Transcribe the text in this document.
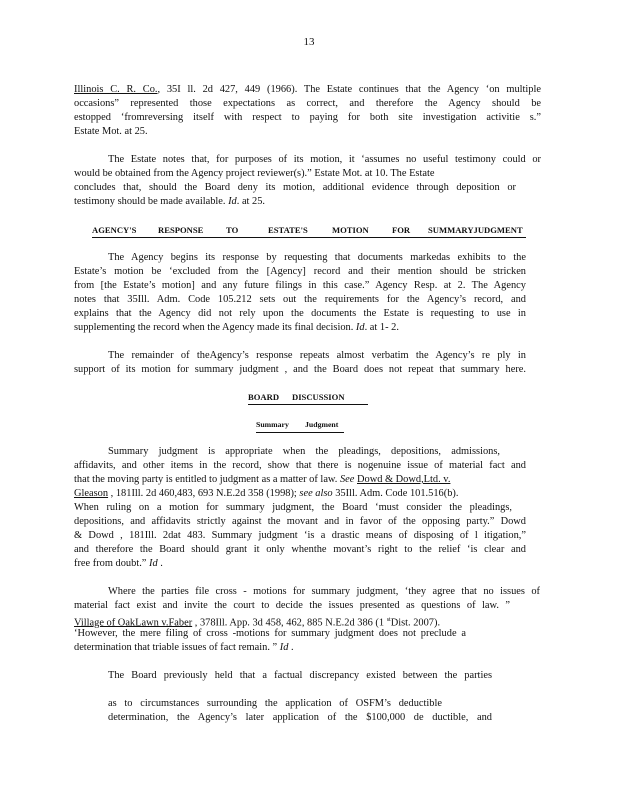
13
Illinois C. R. Co., 35I ll. 2d 427, 449 (1966). The Estate continues that the Agency ‘on multiple
occasions” represented those expectations as correct, and therefore the Agency should be
estopped ‘fromreversing itself with respect to paying for both site investigation activitie s.”
Estate Mot. at 25.
The Estate notes that, for purposes of its motion, it ‘assumes no useful testimony could or
would be obtained from the Agency project reviewer(s).” Estate Mot. at 10. The Estate
concludes that, should the Board deny its motion, additional evidence through deposition or
testimony should be made available. Id. at 25.
AGENCY'S	RESPONSE	TO	ESTATE'S	MOTION	FOR SUMMARYJUDGMENT
The Agency begins its response by requesting that documents markedas exhibits to the
Estate’s motion be ‘excluded from the [Agency] record and their mention should be stricken
from [the Estate’s motion] and any future filings in this case.” Agency Resp. at 2. The Agency
notes that 35Ill. Adm. Code 105.212 sets out the requirements for the Agency’s record, and
explains that the Agency did not rely upon the documents the Estate is requesting to use in
supplementing the record when the Agency made its final decision. Id. at 1- 2.
The remainder of theAgency’s response repeats almost verbatim the Agency’s re ply in
support of its motion for summary judgment , and the Board does not repeat that summary here.
BOARD DISCUSSION
Summary Judgment
Summary judgment is appropriate when the pleadings, depositions, admissions,
affidavits, and other items in the record, show that there is nogenuine issue of material fact and
that the moving party is entitled to judgment as a matter of law. See Dowd & Dowd,Ltd. v.
Gleason , 181Ill. 2d 460,483, 693 N.E.2d 358 (1998); see also 35Ill. Adm. Code 101.516(b).
When ruling on a motion for summary judgment, the Board ‘must consider the pleadings,
depositions, and affidavits strictly against the movant and in favor of the opposing party.” Dowd
& Dowd , 181Ill. 2dat 483. Summary judgment ‘is a drastic means of disposing of l itigation,”
and therefore the Board should grant it only whenthe movant’s right to the relief ‘is clear and
free from doubt.” Id .
Where the parties file cross - motions for summary judgment, ‘they agree that no issues of
material fact exist and invite the court to decide the issues presented as questions of law. ”
Village of OakLawn v.Faber , 378Ill. App. 3d 458, 462, 885 N.E.2d 386 (1 $^{st}$Dist. 2007).
‘However, the mere filing of cross -motions for summary judgment does not preclude a
determination that triable issues of fact remain. ” Id .
The Board previously held that a factual discrepancy existed between the parties
as to circumstances surrounding the application of OSFM’s deductible
determination, the Agency’s later application of the $100,000 de ductible, and
